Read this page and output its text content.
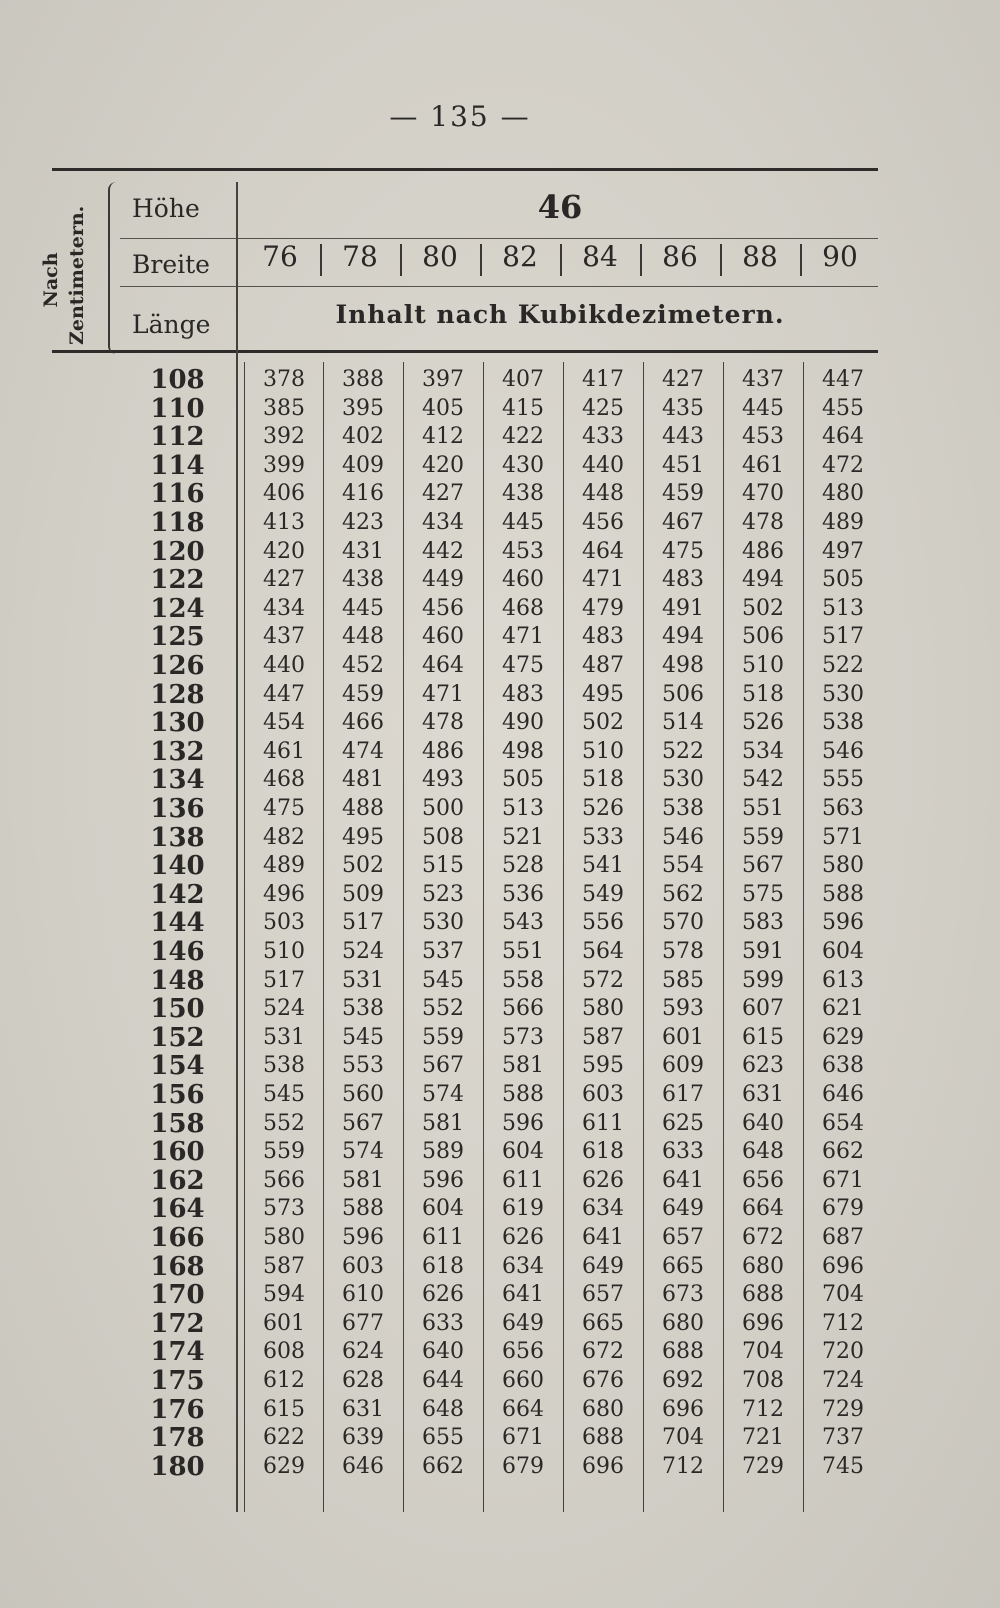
— 135 —
Nach Zentimetern. Höhe
Breite
Länge
46
76	78	80	82	84	86	88	90
Inhalt nach Kubikdezimetern.
108	378	388	397	407	417	427	437	447
110	385	395	405	415	425	435	445	455
112	392	402	412	422	433	443	453	464
114	399	409	420	430	440	451	461	472
116	406	416	427	438	448	459	470	480
118	413	423	434	445	456	467	478	489
120	420	431	442	453	464	475	486	497
122	427	438	449	460	471	483	494	505
124	434	445	456	468	479	491	502	513
125	437	448	460	471	483	494	506	517
126	440	452	464	475	487	498	510	522
128	447	459	471	483	495	506	518	530
130	454	466	478	490	502	514	526	538
132	461	474	486	498	510	522	534	546
134	468	481	493	505	518	530	542	555
136	475	488	500	513	526	538	551	563
138	482	495	508	521	533	546	559	571
140	489	502	515	528	541	554	567	580
142	496	509	523	536	549	562	575	588
144	503	517	530	543	556	570	583	596
146	510	524	537	551	564	578	591	604
148	517	531	545	558	572	585	599	613
150	524	538	552	566	580	593	607	621
152	531	545	559	573	587	601	615	629
154	538	553	567	581	595	609	623	638
156	545	560	574	588	603	617	631	646
158	552	567	581	596	611	625	640	654
160	559	574	589	604	618	633	648	662
162	566	581	596	611	626	641	656	671
164	573	588	604	619	634	649	664	679
166	580	596	611	626	641	657	672	687
168	587	603	618	634	649	665	680	696
170	594	610	626	641	657	673	688	704
172	601	677	633	649	665	680	696	712
174	608	624	640	656	672	688	704	720
175	612	628	644	660	676	692	708	724
176	615	631	648	664	680	696	712	729
178	622	639	655	671	688	704	721	737
180	629	646	662	679	696	712	729	745
